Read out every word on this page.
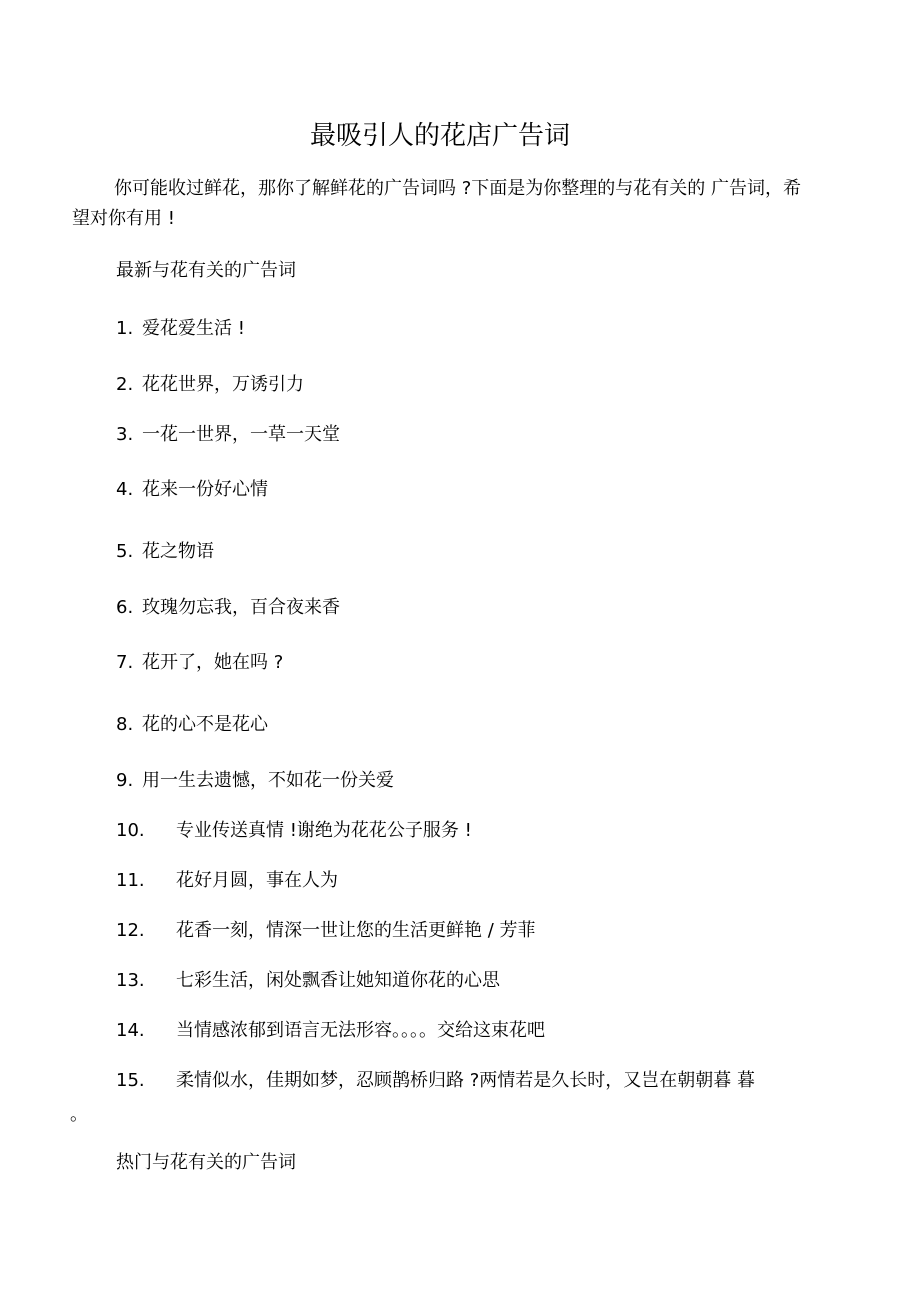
最吸引人的花店广告词

你可能收过鲜花，那你了解鲜花的广告词吗 ?下面是为你整理的与花有关的 广告词，希望对你有用 !

最新与花有关的广告词

1. 爱花爱生活 !
2. 花花世界，万诱引力
3. 一花一世界，一草一天堂
4. 花来一份好心情
5. 花之物语
6. 玫瑰勿忘我，百合夜来香
7. 花开了，她在吗 ?
8. 花的心不是花心
9. 用一生去遗憾，不如花一份关爱
10. 专业传送真情 !谢绝为花花公子服务 !
11. 花好月圆，事在人为
12. 花香一刻，情深一世让您的生活更鲜艳 / 芳菲
13. 七彩生活，闲处飘香让她知道你花的心思
14. 当情感浓郁到语言无法形容。。。。交给这束花吧
15. 柔情似水，佳期如梦，忍顾鹊桥归路 ?两情若是久长时，又岂在朝朝暮 暮

。

热门与花有关的广告词
